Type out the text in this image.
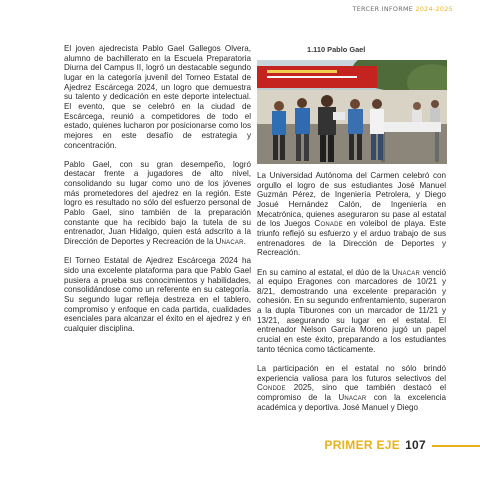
TERCER INFORME 2024-2025

El joven ajedrecista Pablo Gael Gallegos Olvera, alumno de bachillerato en la Escuela Preparatoria Diurna del Campus II, logró un destacable segundo lugar en la categoría juvenil del Torneo Estatal de Ajedrez Escárcega 2024, un logro que demuestra su talento y dedicación en este deporte intelectual. El evento, que se celebró en la ciudad de Escárcega, reunió a competidores de todo el estado, quienes lucharon por posicionarse como los mejores en este desafío de estrategia y concentración.

Pablo Gael, con su gran desempeño, logró destacar frente a jugadores de alto nivel, consolidando su lugar como uno de los jóvenes más prometedores del ajedrez en la región. Este logro es resultado no sólo del esfuerzo personal de Pablo Gael, sino también de la preparación constante que ha recibido bajo la tutela de su entrenador, Juan Hidalgo, quien está adscrito a la Dirección de Deportes y Recreación de la Unacar.

El Torneo Estatal de Ajedrez Escárcega 2024 ha sido una excelente plataforma para que Pablo Gael pusiera a prueba sus conocimientos y habilidades, consolidándose como un referente en su categoría. Su segundo lugar refleja destreza en el tablero, compromiso y enfoque en cada partida, cualidades esenciales para alcanzar el éxito en el ajedrez y en cualquier disciplina.

1.110 Pablo Gael

La Universidad Autónoma del Carmen celebró con orgullo el logro de sus estudiantes José Manuel Guzmán Pérez, de Ingeniería Petrolera, y Diego Josué Hernández Calón, de Ingeniería en Mecatrónica, quienes aseguraron su pase al estatal de los Juegos Conade en voleibol de playa. Este triunfo reflejó su esfuerzo y el arduo trabajo de sus entrenadores de la Dirección de Deportes y Recreación.

En su camino al estatal, el dúo de la Unacar venció al equipo Eragones con marcadores de 10/21 y 8/21, demostrando una excelente preparación y cohesión. En su segundo enfrentamiento, superaron a la dupla Tiburones con un marcador de 11/21 y 13/21, asegurando su lugar en el estatal. El entrenador Nelson García Moreno jugó un papel crucial en este éxito, preparando a los estudiantes tanto técnica como tácticamente.

La participación en el estatal no sólo brindó experiencia valiosa para los futuros selectivos del Condde 2025, sino que también destacó el compromiso de la Unacar con la excelencia académica y deportiva. José Manuel y Diego

PRIMER EJE 107
